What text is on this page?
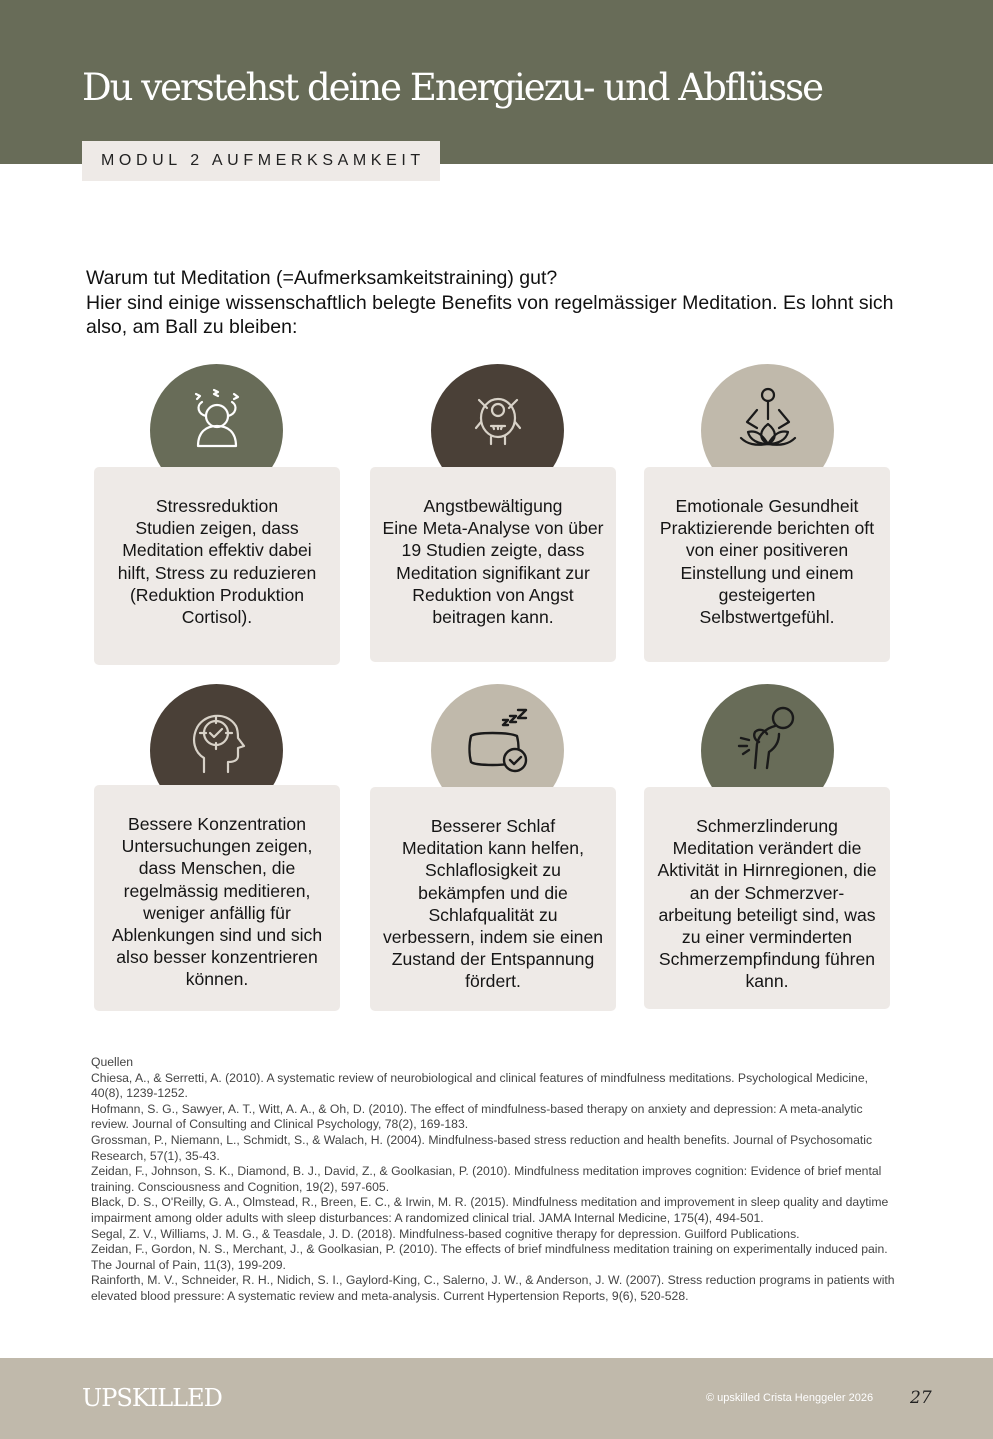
Du verstehst deine Energiezu- und Abflüsse
MODUL 2 AUFMERKSAMKEIT
Warum tut Meditation (=Aufmerksamkeitstraining) gut?
Hier sind einige wissenschaftlich belegte Benefits von regelmässiger Meditation. Es lohnt sich also, am Ball zu bleiben:
Stressreduktion
Studien zeigen, dass Meditation effektiv dabei hilft, Stress zu reduzieren (Reduktion Produktion Cortisol).
Angstbewältigung
Eine Meta-Analyse von über 19 Studien zeigte, dass Meditation signifikant zur Reduktion von Angst beitragen kann.
Emotionale Gesundheit
Praktizierende berichten oft von einer positiveren Einstellung und einem gesteigerten Selbstwertgefühl.
Bessere Konzentration
Untersuchungen zeigen, dass Menschen, die regelmässig meditieren, weniger anfällig für Ablenkungen sind und sich also besser konzentrieren können.
Besserer Schlaf
Meditation kann helfen, Schlaflosigkeit zu bekämpfen und die Schlafqualität zu verbessern, indem sie einen Zustand der Entspannung fördert.
Schmerzlinderung
Meditation verändert die Aktivität in Hirnregionen, die an der Schmerzver-arbeitung beteiligt sind, was zu einer verminderten Schmerzempfindung führen kann.
Quellen
Chiesa, A., & Serretti, A. (2010). A systematic review of neurobiological and clinical features of mindfulness meditations. Psychological Medicine, 40(8), 1239-1252.
Hofmann, S. G., Sawyer, A. T., Witt, A. A., & Oh, D. (2010). The effect of mindfulness-based therapy on anxiety and depression: A meta-analytic review. Journal of Consulting and Clinical Psychology, 78(2), 169-183.
Grossman, P., Niemann, L., Schmidt, S., & Walach, H. (2004). Mindfulness-based stress reduction and health benefits. Journal of Psychosomatic Research, 57(1), 35-43.
Zeidan, F., Johnson, S. K., Diamond, B. J., David, Z., & Goolkasian, P. (2010). Mindfulness meditation improves cognition: Evidence of brief mental training. Consciousness and Cognition, 19(2), 597-605.
Black, D. S., O'Reilly, G. A., Olmstead, R., Breen, E. C., & Irwin, M. R. (2015). Mindfulness meditation and improvement in sleep quality and daytime impairment among older adults with sleep disturbances: A randomized clinical trial. JAMA Internal Medicine, 175(4), 494-501.
Segal, Z. V., Williams, J. M. G., & Teasdale, J. D. (2018). Mindfulness-based cognitive therapy for depression. Guilford Publications.
Zeidan, F., Gordon, N. S., Merchant, J., & Goolkasian, P. (2010). The effects of brief mindfulness meditation training on experimentally induced pain. The Journal of Pain, 11(3), 199-209.
Rainforth, M. V., Schneider, R. H., Nidich, S. I., Gaylord-King, C., Salerno, J. W., & Anderson, J. W. (2007). Stress reduction programs in patients with elevated blood pressure: A systematic review and meta-analysis. Current Hypertension Reports, 9(6), 520-528.
UPSKILLED	© upskilled Crista Henggeler 2026 27
